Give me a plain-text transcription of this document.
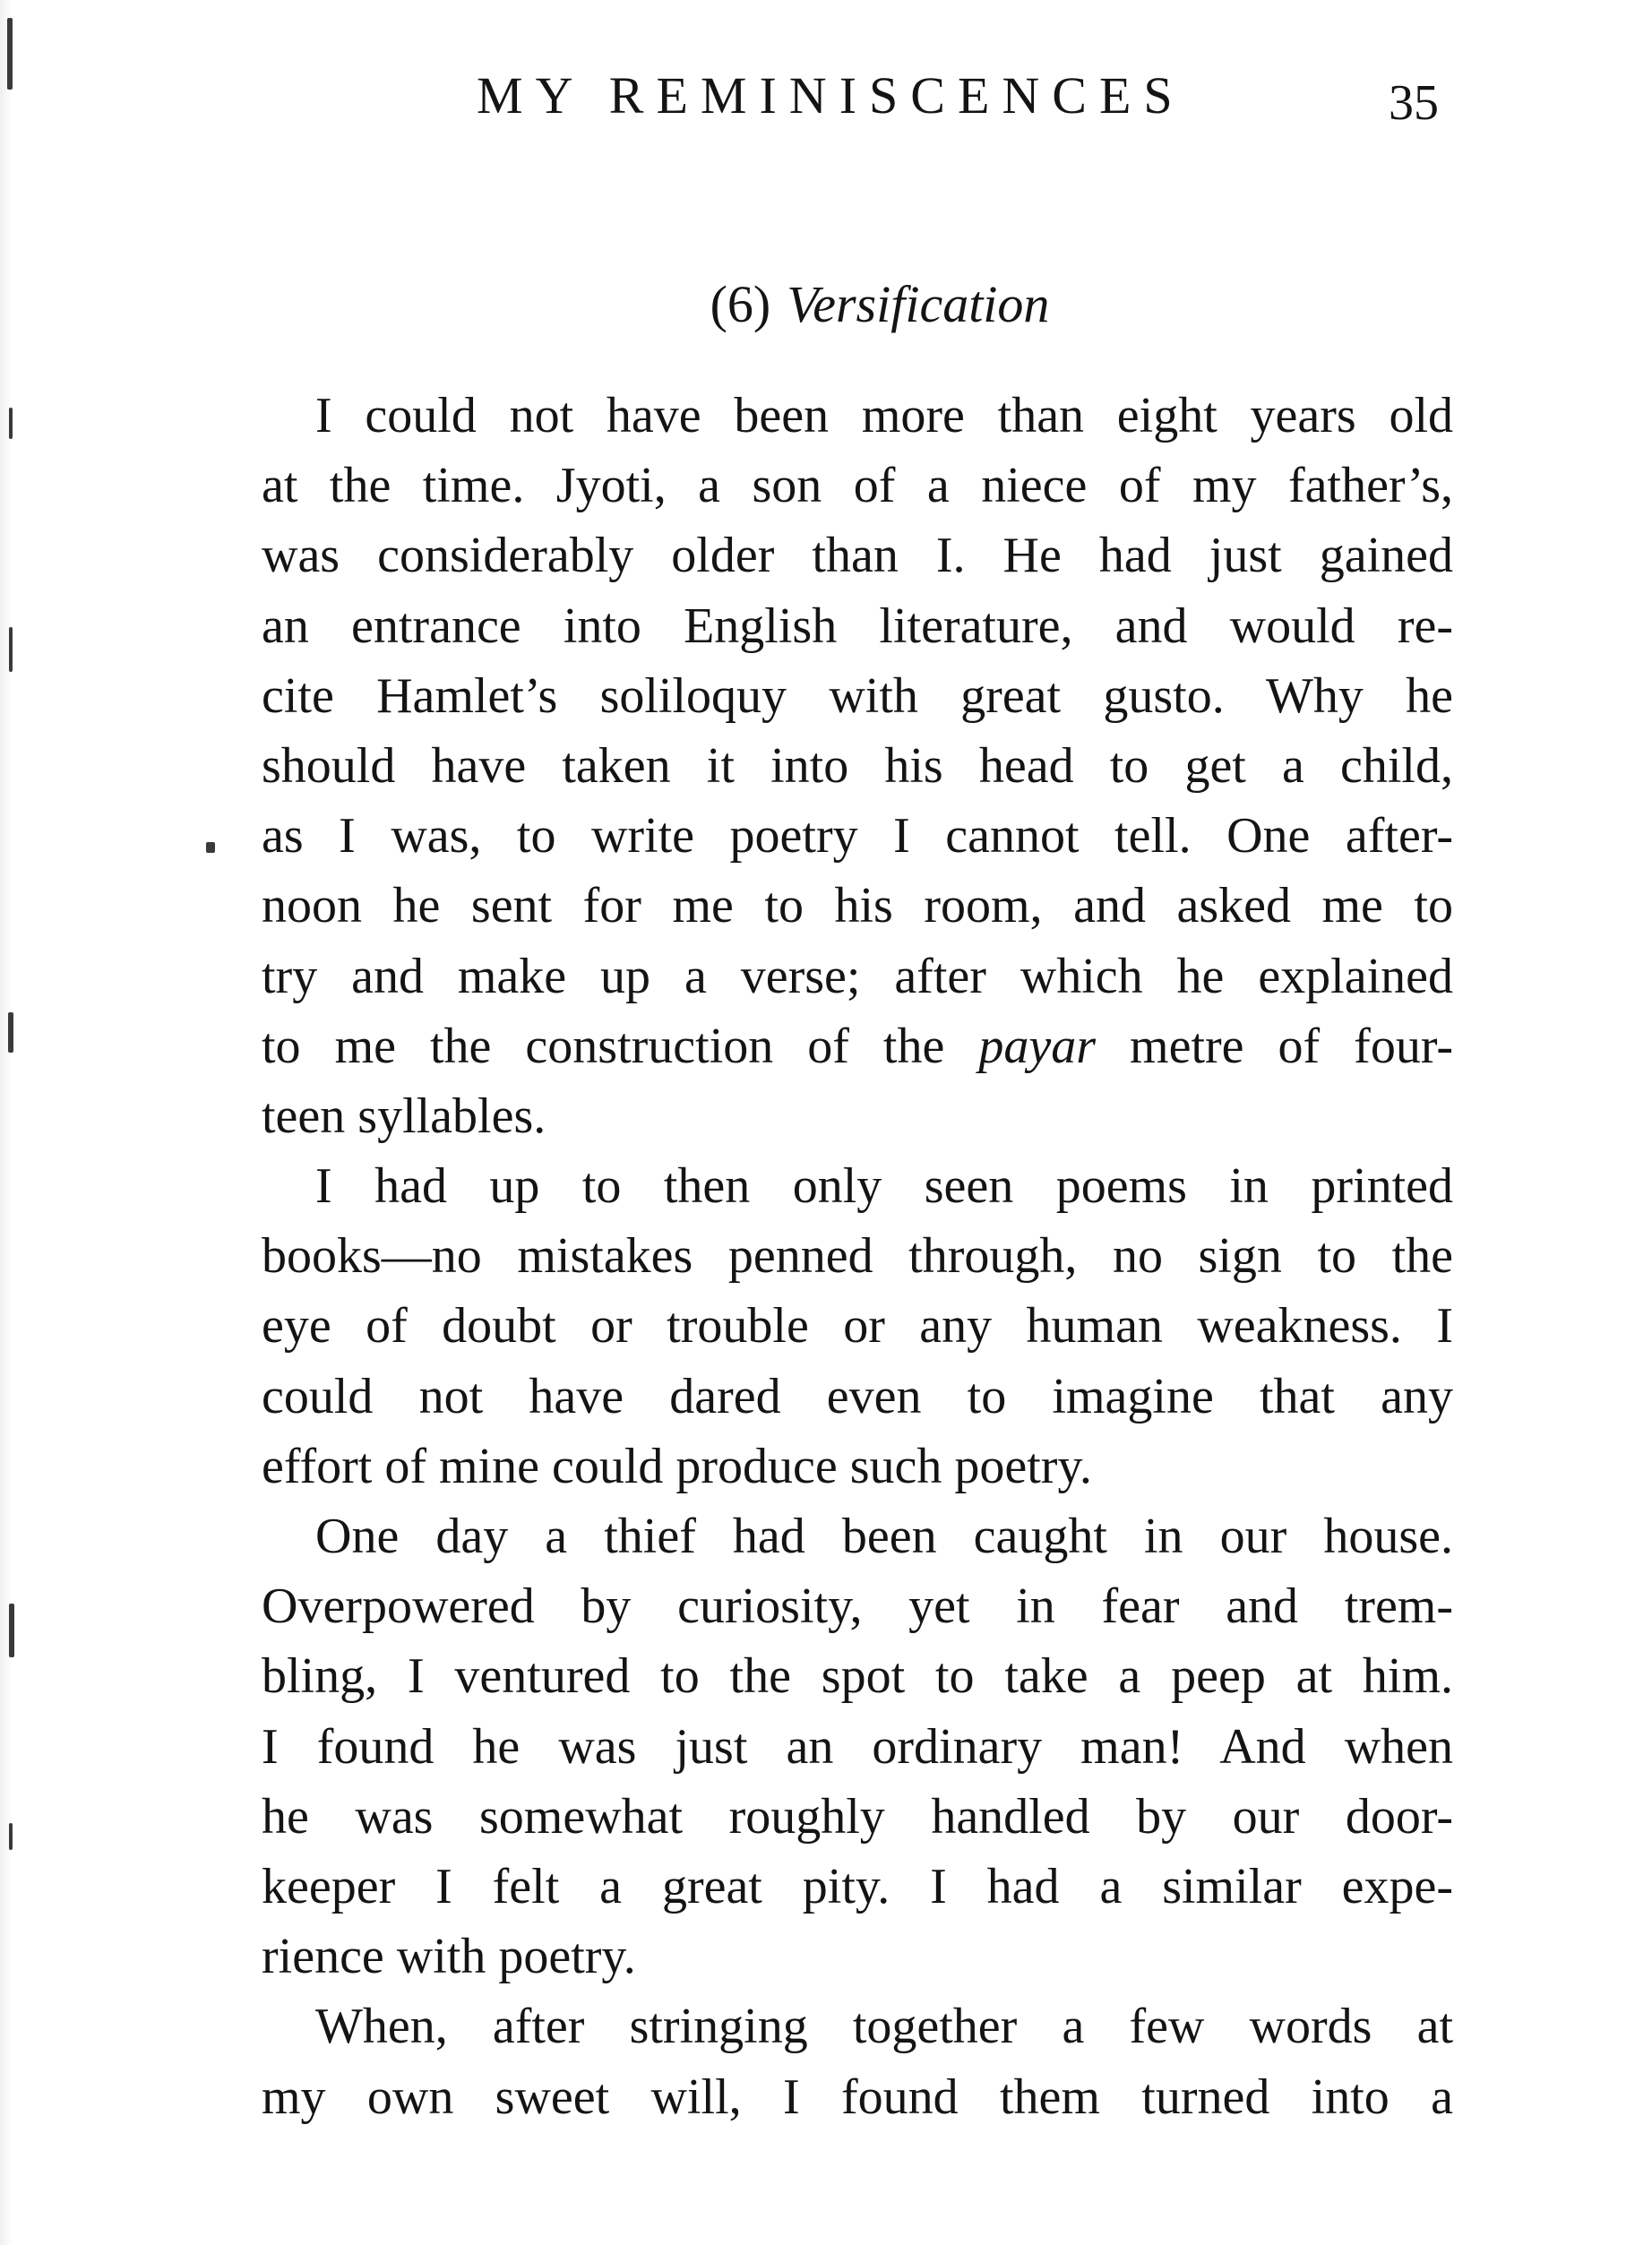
MY REMINISCENCES	35
(6) Versification
I could not have been more than eight years old
at the time. Jyoti, a son of a niece of my father’s,
was considerably older than I. He had just gained
an entrance into English literature, and would re-
cite Hamlet’s soliloquy with great gusto. Why he
should have taken it into his head to get a child,
as I was, to write poetry I cannot tell. One after-
noon he sent for me to his room, and asked me to
try and make up a verse; after which he explained
to me the construction of the payar metre of four-
teen syllables.
I had up to then only seen poems in printed
books—no mistakes penned through, no sign to the
eye of doubt or trouble or any human weakness. I
could not have dared even to imagine that any
effort of mine could produce such poetry.
One day a thief had been caught in our house.
Overpowered by curiosity, yet in fear and trem-
bling, I ventured to the spot to take a peep at him.
I found he was just an ordinary man! And when
he was somewhat roughly handled by our door-
keeper I felt a great pity. I had a similar expe-
rience with poetry.
When, after stringing together a few words at
my own sweet will, I found them turned into a
